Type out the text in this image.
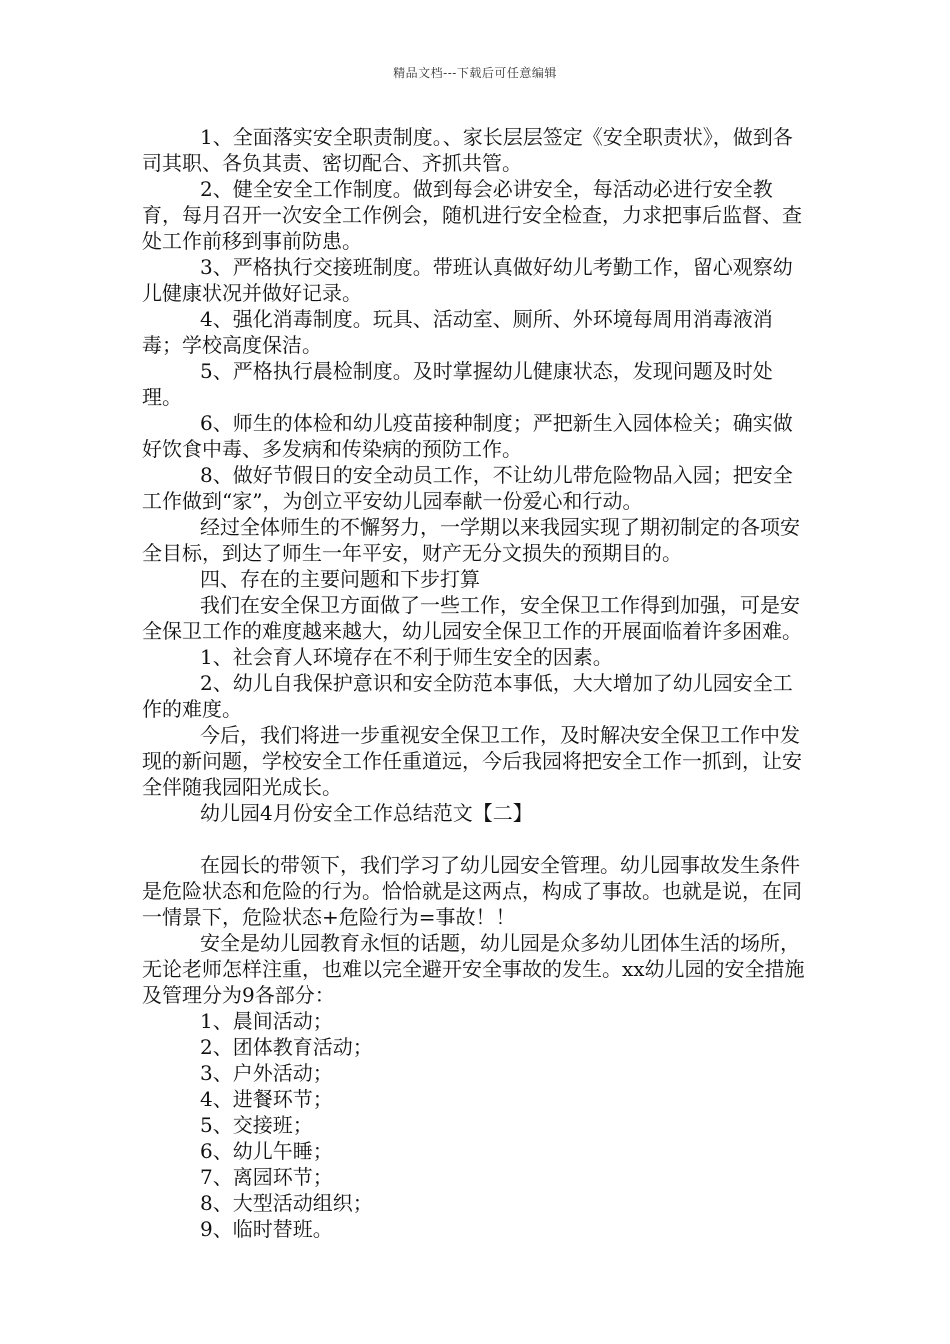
精品文档---下载后可任意编辑

1、全面落实安全职责制度。、家长层层签定《安全职责状》，做到各司其职、各负其责、密切配合、齐抓共管。

2、健全安全工作制度。做到每会必讲安全，每活动必进行安全教育，每月召开一次安全工作例会，随机进行安全检查，力求把事后监督、查处工作前移到事前防患。

3、严格执行交接班制度。带班认真做好幼儿考勤工作，留心观察幼儿健康状况并做好记录。

4、强化消毒制度。玩具、活动室、厕所、外环境每周用消毒液消毒；学校高度保洁。

5、严格执行晨检制度。及时掌握幼儿健康状态，发现问题及时处理。

6、师生的体检和幼儿疫苗接种制度；严把新生入园体检关；确实做好饮食中毒、多发病和传染病的预防工作。

8、做好节假日的安全动员工作，不让幼儿带危险物品入园；把安全工作做到“家”，为创立平安幼儿园奉献一份爱心和行动。

经过全体师生的不懈努力，一学期以来我园实现了期初制定的各项安全目标，到达了师生一年平安，财产无分文损失的预期目的。

四、存在的主要问题和下步打算

我们在安全保卫方面做了一些工作，安全保卫工作得到加强，可是安全保卫工作的难度越来越大，幼儿园安全保卫工作的开展面临着许多困难。

1、社会育人环境存在不利于师生安全的因素。

2、幼儿自我保护意识和安全防范本事低，大大增加了幼儿园安全工作的难度。

今后，我们将进一步重视安全保卫工作，及时解决安全保卫工作中发现的新问题，学校安全工作任重道远，今后我园将把安全工作一抓到，让安全伴随我园阳光成长。

幼儿园4月份安全工作总结范文【二】

在园长的带领下，我们学习了幼儿园安全管理。幼儿园事故发生条件是危险状态和危险的行为。恰恰就是这两点，构成了事故。也就是说，在同一情景下，危险状态+危险行为=事故！！

安全是幼儿园教育永恒的话题，幼儿园是众多幼儿团体生活的场所，无论老师怎样注重，也难以完全避开安全事故的发生。xx幼儿园的安全措施及管理分为9各部分：

1、晨间活动；

2、团体教育活动；

3、户外活动；

4、进餐环节；

5、交接班；

6、幼儿午睡；

7、离园环节；

8、大型活动组织；

9、临时替班。
